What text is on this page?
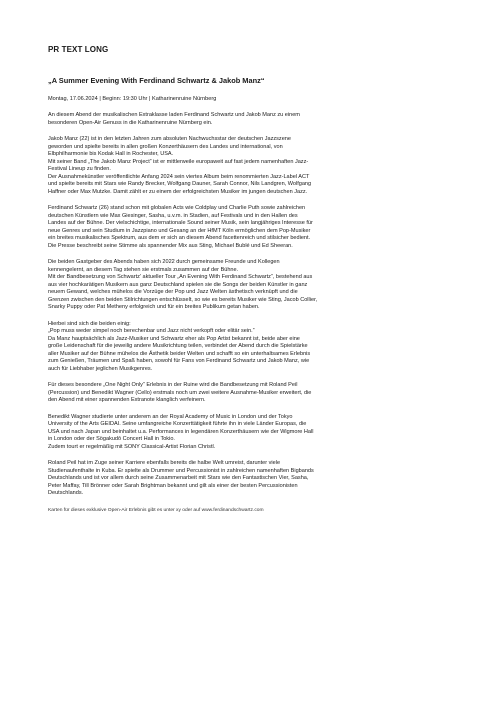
PR TEXT LONG
„A Summer Evening With Ferdinand Schwartz & Jakob Manz“
Montag, 17.06.2024 | Beginn: 19:30 Uhr | Katharinenruine Nürnberg
An diesem Abend der musikalischen Extraklasse laden Ferdinand Schwartz und Jakob Manz zu einem
besonderen Open-Air Genuss in die Katharinenruine Nürnberg ein.
Jakob Manz (22) ist in den letzten Jahren zum absoluten Nachwuchsstar der deutschen Jazzszene
geworden und spielte bereits in allen großen Konzerthäusern des Landes und international, von
Elbphilharmonie bis Kodak Hall in Rochester, USA.
Mit seiner Band „The Jakob Manz Project“ ist er mittlerweile europaweit auf fast jedem namenhaften Jazz-
Festival Lineup zu finden.
Der Ausnahmekünstler veröffentlichte Anfang 2024 sein viertes Album beim renommierten Jazz-Label ACT
und spielte bereits mit Stars wie Randy Brecker, Wolfgang Dauner, Sarah Connor, Nils Landgren, Wolfgang
Haffner oder Max Mutzke. Damit zählt er zu einem der erfolgreichsten Musiker im jungen deutschen Jazz.
Ferdinand Schwartz (26) stand schon mit globalen Acts wie Coldplay und Charlie Puth sowie zahlreichen
deutschen Künstlern wie Max Giesinger, Sasha, u.v.m. in Stadien, auf Festivals und in den Hallen des
Landes auf der Bühne. Der vielschichtige, internationale Sound seiner Musik, sein langjähriges Interesse für
neue Genres und sein Studium in Jazzpiano und Gesang an der HfMT Köln ermöglichen dem Pop-Musiker
ein breites musikalisches Spektrum, aus dem er sich an diesem Abend facettenreich und stilsicher bedient.
Die Presse beschreibt seine Stimme als spannender Mix aus Sting, Michael Bublé und Ed Sheeran.
Die beiden Gastgeber des Abends haben sich 2022 durch gemeinsame Freunde und Kollegen
kennengelernt, an diesem Tag stehen sie erstmals zusammen auf der Bühne.
Mit der Bandbesetzung von Schwartz' aktueller Tour „An Evening With Ferdinand Schwartz“, bestehend aus
aus vier hochkarätigen Musikern aus ganz Deutschland spielen sie die Songs der beiden Künstler in ganz
neuem Gewand, welches mühelos die Vorzüge der Pop und Jazz Welten ästhetisch verknüpft und die
Grenzen zwischen den beiden Stilrichtungen entschlüsselt, so wie es bereits Musiker wie Sting, Jacob Collier,
Snarky Puppy oder Pat Metheny erfolgreich und für ein breites Publikum getan haben.
Hierbei sind sich die beiden einig:
„Pop muss weder simpel noch berechenbar und Jazz nicht verkopft oder elitär sein.“
Da Manz hauptsächlich als Jazz-Musiker und Schwartz eher als Pop Artist bekannt ist, beide aber eine
große Leidenschaft für die jeweilig andere Musikrichtung teilen, verbindet der Abend durch die Spielstärke
aller Musiker auf der Bühne mühelos die Ästhetik beider Welten und schafft so ein unterhaltsames Erlebnis
zum Genießen, Träumen und Spaß haben, sowohl für Fans von Ferdinand Schwartz und Jakob Manz, wie
auch für Liebhaber jeglichen Musikgenres.
Für dieses besondere „One Night Only“ Erlebnis in der Ruine wird die Bandbesetzung mit Roland Peil
(Percussion) und Benedikt Wagner (Cello) erstmals noch um zwei weitere Ausnahme-Musiker erweitert, die
den Abend mit einer spannenden Extranote klanglich verfeinern.
Benedikt Wagner studierte unter anderem an der Royal Academy of Music in London und der Tokyo
University of the Arts GEIDAI. Seine umfangreiche Konzerttätigkeit führte ihn in viele Länder Europas, die
USA und nach Japan und beinhaltet u.a. Performances in legendären Konzerthäusern wie der Wigmore Hall
in London oder der Sögakudō Concert Hall in Tokio.
Zudem tourt er regelmäßig mit SONY Classical-Artist Florian Christl.
Roland Peil hat im Zuge seiner Karriere ebenfalls bereits die halbe Welt umreist, darunter viele
Studienaufenthalte in Kuba. Er spielte als Drummer und Percussionist in zahlreichen namenhaften Bigbands
Deutschlands und ist vor allem durch seine Zusammenarbeit mit Stars wie den Fantastischen Vier, Sasha,
Peter Maffay, Till Brönner oder Sarah Brightman bekannt und gilt als einer der besten Percussionisten
Deutschlands.
Karten für dieses exklusive Open-Air Erlebnis gibt es unter xy oder auf www.ferdinandschwartz.com
